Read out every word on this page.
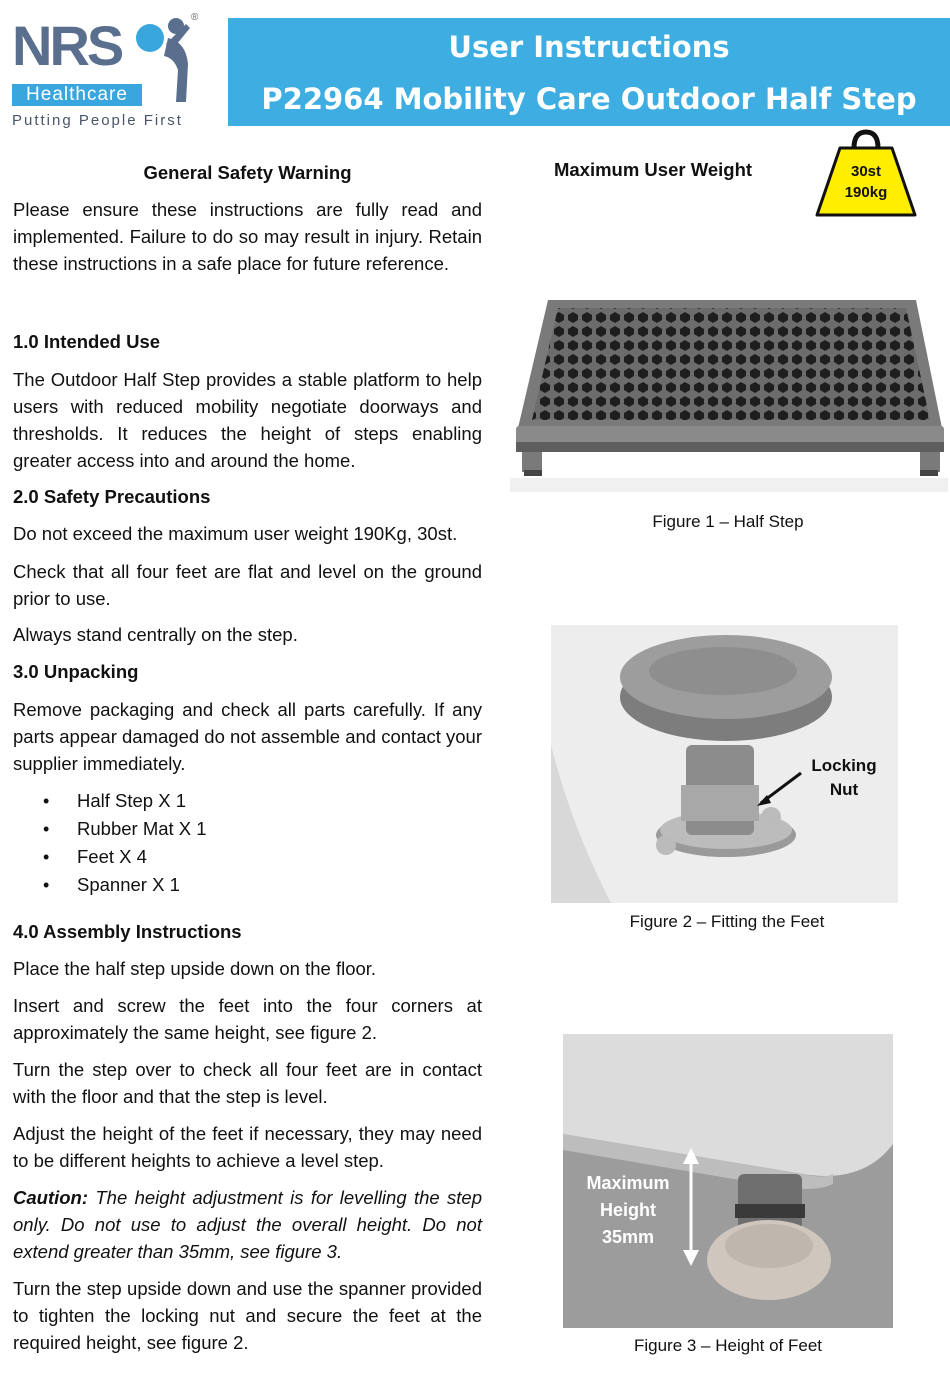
NRS	®
Healthcare
Putting People First
User Instructions
P22964 Mobility Care Outdoor Half Step
General Safety Warning
Please ensure these instructions are fully read and implemented. Failure to do so may result in injury. Retain these instructions in a safe place for future reference.
1.0 Intended Use
The Outdoor Half Step provides a stable platform to help users with reduced mobility negotiate doorways and thresholds. It reduces the height of steps enabling greater access into and around the home.
2.0 Safety Precautions
Do not exceed the maximum user weight 190Kg, 30st.
Check that all four feet are flat and level on the ground prior to use.
Always stand centrally on the step.
3.0 Unpacking
Remove packaging and check all parts carefully. If any parts appear damaged do not assemble and contact your supplier immediately.
• Half Step X 1
• Rubber Mat X 1
• Feet X 4
• Spanner X 1
4.0 Assembly Instructions
Place the half step upside down on the floor.
Insert and screw the feet into the four corners at approximately the same height, see figure 2.
Turn the step over to check all four feet are in contact with the floor and that the step is level.
Adjust the height of the feet if necessary, they may need to be different heights to achieve a level step.
Caution: The height adjustment is for levelling the step only. Do not use to adjust the overall height. Do not extend greater than 35mm, see figure 3.
Turn the step upside down and use the spanner provided to tighten the locking nut and secure the feet at the required height, see figure 2.
Maximum User Weight	30st
190kg
Figure 1 – Half Step
Locking
Nut
Figure 2 – Fitting the Feet
Maximum
Height
35mm
Figure 3 – Height of Feet
